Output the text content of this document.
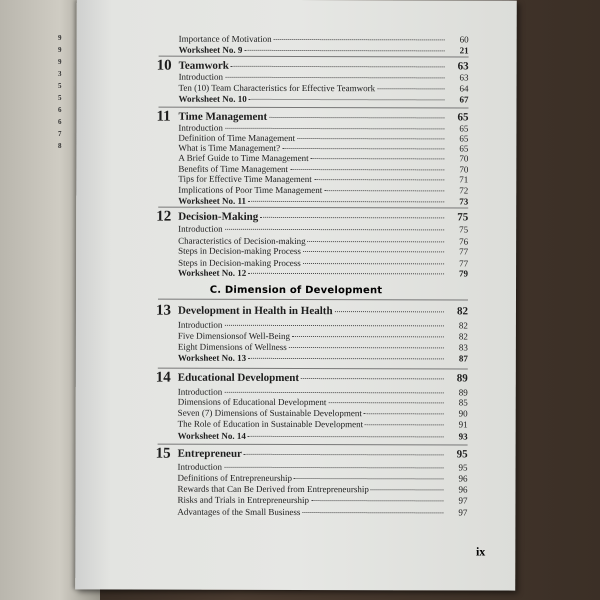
9
9
9
3
5
5
6
6
7
8
Importance of Motivation	60
Worksheet No. 9	21
10 Teamwork	63
Introduction	63
Ten (10) Team Characteristics for Effective Teamwork	64
Worksheet No. 10	67
11 Time Management	65
Introduction	65
Definition of Time Management	65
What is Time Management?	65
A Brief Guide to Time Management	70
Benefits of Time Management	70
Tips for Effective Time Management	71
Implications of Poor Time Management	72
Worksheet No. 11	73
12 Decision-Making	75
Introduction	75
Characteristics of Decision-making	76
Steps in Decision-making Process	77
Steps in Decision-making Process	77
Worksheet No. 12	79
13 Development in Health in Health	82
Introduction	82
Five Dimensionsof Well-Being	82
Eight Dimensions of Wellness	83
Worksheet No. 13	87
14 Educational Development	89
Introduction	89
Dimensions of Educational Development	85
Seven (7) Dimensions of Sustainable Development	90
The Role of Education in Sustainable Development	91
Worksheet No. 14	93
15 Entrepreneur	95
Introduction	95
Definitions of Entrepreneurship	96
Rewards that Can Be Derived from Entrepreneurship	96
Risks and Trials in Entrepreneurship	97
Advantages of the Small Business	97
C. Dimension of Development
ix
